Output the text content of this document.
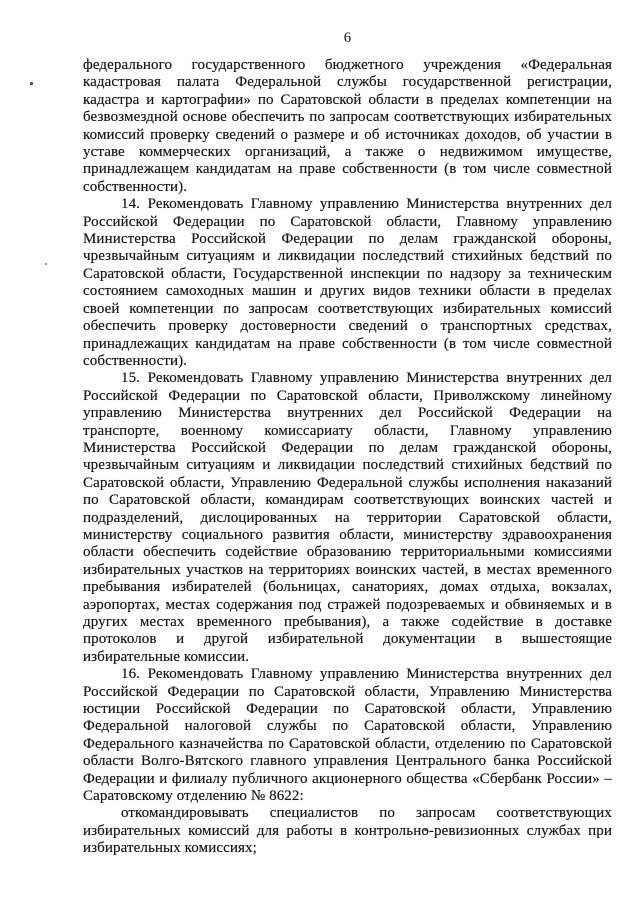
6

федерального государственного бюджетного учреждения «Федеральная кадастровая палата Федеральной службы государственной регистрации, кадастра и картографии» по Саратовской области в пределах компетенции на безвозмездной основе обеспечить по запросам соответствующих избирательных комиссий проверку сведений о размере и об источниках доходов, об участии в уставе коммерческих организаций, а также о недвижимом имуществе, принадлежащем кандидатам на праве собственности (в том числе совместной собственности).

14. Рекомендовать Главному управлению Министерства внутренних дел Российской Федерации по Саратовской области, Главному управлению Министерства Российской Федерации по делам гражданской обороны, чрезвычайным ситуациям и ликвидации последствий стихийных бедствий по Саратовской области, Государственной инспекции по надзору за техническим состоянием самоходных машин и других видов техники области в пределах своей компетенции по запросам соответствующих избирательных комиссий обеспечить проверку достоверности сведений о транспортных средствах, принадлежащих кандидатам на праве собственности (в том числе совместной собственности).

15. Рекомендовать Главному управлению Министерства внутренних дел Российской Федерации по Саратовской области, Приволжскому линейному управлению Министерства внутренних дел Российской Федерации на транспорте, военному комиссариату области, Главному управлению Министерства Российской Федерации по делам гражданской обороны, чрезвычайным ситуациям и ликвидации последствий стихийных бедствий по Саратовской области, Управлению Федеральной службы исполнения наказаний по Саратовской области, командирам соответствующих воинских частей и подразделений, дислоцированных на территории Саратовской области, министерству социального развития области, министерству здравоохранения области обеспечить содействие образованию территориальными комиссиями избирательных участков на территориях воинских частей, в местах временного пребывания избирателей (больницах, санаториях, домах отдыха, вокзалах, аэропортах, местах содержания под стражей подозреваемых и обвиняемых и в других местах временного пребывания), а также содействие в доставке протоколов и другой избирательной документации в вышестоящие избирательные комиссии.

16. Рекомендовать Главному управлению Министерства внутренних дел Российской Федерации по Саратовской области, Управлению Министерства юстиции Российской Федерации по Саратовской области, Управлению Федеральной налоговой службы по Саратовской области, Управлению Федерального казначейства по Саратовской области, отделению по Саратовской области Волго-Вятского главного управления Центрального банка Российской Федерации и филиалу публичного акционерного общества «Сбербанк России» – Саратовскому отделению № 8622:

откомандировывать специалистов по запросам соответствующих избирательных комиссий для работы в контрольно-ревизионных службах при избирательных комиссиях;
